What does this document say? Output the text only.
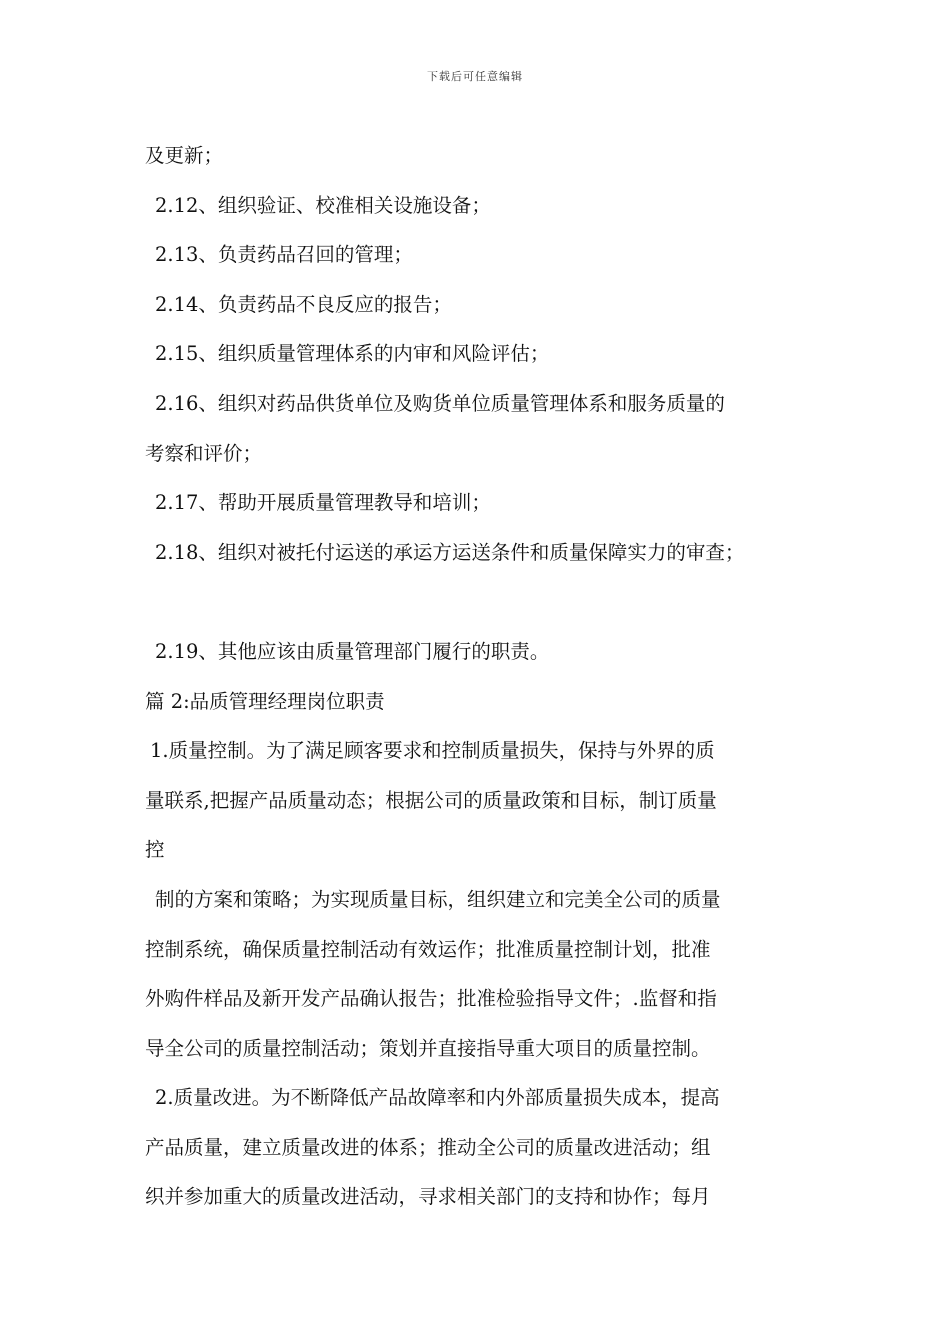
下载后可任意编辑
及更新；
2.12、组织验证、校准相关设施设备；
2.13、负责药品召回的管理；
2.14、负责药品不良反应的报告；
2.15、组织质量管理体系的内审和风险评估；
2.16、组织对药品供货单位及购货单位质量管理体系和服务质量的
考察和评价；
2.17、帮助开展质量管理教导和培训；
2.18、组织对被托付运送的承运方运送条件和质量保障实力的审查；
2.19、其他应该由质量管理部门履行的职责。
篇 2:品质管理经理岗位职责
1.质量控制。为了满足顾客要求和控制质量损失，保持与外界的质
量联系,把握产品质量动态；根据公司的质量政策和目标，制订质量
控
制的方案和策略；为实现质量目标，组织建立和完美全公司的质量
控制系统，确保质量控制活动有效运作；批准质量控制计划，批准
外购件样品及新开发产品确认报告；批准检验指导文件；.监督和指
导全公司的质量控制活动；策划并直接指导重大项目的质量控制。
2.质量改进。为不断降低产品故障率和内外部质量损失成本，提高
产品质量，建立质量改进的体系；推动全公司的质量改进活动；组
织并参加重大的质量改进活动，寻求相关部门的支持和协作；每月
